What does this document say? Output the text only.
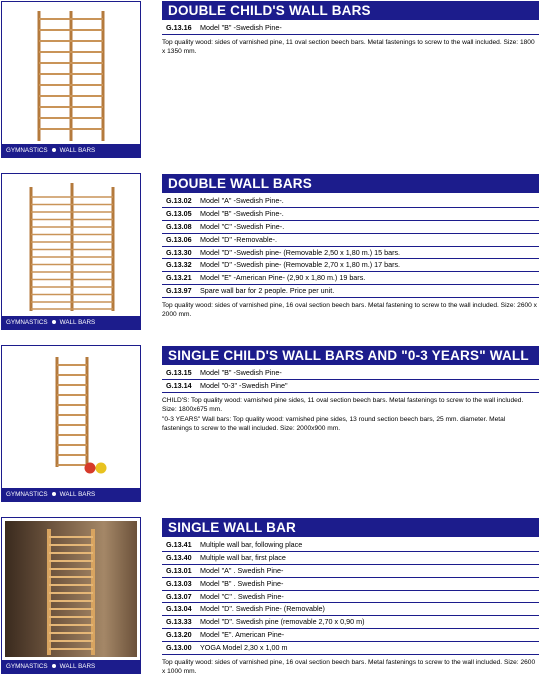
GYMNASTICS WALL BARS
DOUBLE CHILD'S WALL BARS
G.13.16 Model "B" -Swedish Pine-
Top quality wood: sides of varnished pine, 11 oval section beech bars. Metal fastenings to screw to the wall included. Size: 1800 x 1350 mm.
GYMNASTICS WALL BARS
DOUBLE WALL BARS
G.13.02 Model "A" -Swedish Pine-.
G.13.05 Model "B" -Swedish Pine-.
G.13.08 Model "C" -Swedish Pine-.
G.13.06 Model "D" -Removable-.
G.13.30 Model "D" -Swedish pine- (Removable 2,50 x 1,80 m.) 15 bars.
G.13.32 Model "D" -Swedish pine- (Removable 2,70 x 1,80 m.) 17 bars.
G.13.21 Model "E" -American Pine- (2,90 x 1,80 m.) 19 bars.
G.13.97 Spare wall bar for 2 people. Price per unit.
Top quality wood: sides of varnished pine, 16 oval section beech bars. Metal fastening to screw to the wall included. Size: 2600 x 2000 mm.
GYMNASTICS WALL BARS
SINGLE CHILD'S WALL BARS AND "0-3 YEARS" WALL
G.13.15 Model "B" -Swedish Pine-
G.13.14 Model "0-3" -Swedish Pine"
CHILD'S: Top quality wood: varnished pine sides, 11 oval section beech bars. Metal fastenings to screw to the wall included. Size: 1800x675 mm.
"0-3 YEARS" Wall bars: Top quality wood: varnished pine sides, 13 round section beech bars, 25 mm. diameter. Metal fastenings to screw to the wall included. Size: 2000x900 mm.
GYMNASTICS WALL BARS
SINGLE WALL BAR
G.13.41 Multiple wall bar, following place
G.13.40 Multiple wall bar, first place
G.13.01 Model "A" . Swedish Pine-
G.13.03 Model "B" . Swedish Pine-
G.13.07 Model "C" . Swedish Pine-
G.13.04 Model "D". Swedish Pine- (Removable)
G.13.33 Model "D". Swedish pine (removable 2,70 x 0,90 m)
G.13.20 Model "E". American Pine-
G.13.00 YOGA Model 2,30 x 1,00 m
Top quality wood: sides of varnished pine, 16 oval section beech bars. Metal fastenings to screw to the wall included. Size: 2600 x 1000 mm.
